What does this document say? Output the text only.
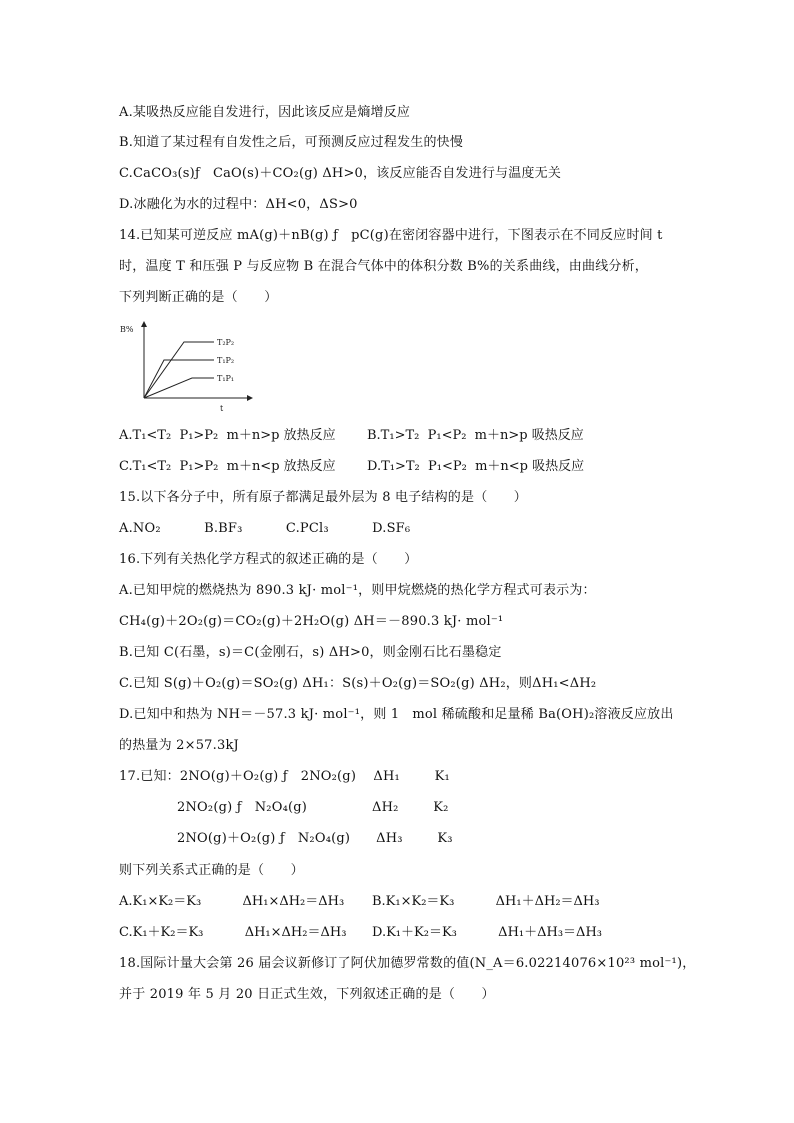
A.某吸热反应能自发进行，因此该反应是熵增反应
B.知道了某过程有自发性之后，可预测反应过程发生的快慢
C.CaCO₃(s)ƒ   CaO(s)＋CO₂(g) ΔH>0，该反应能否自发进行与温度无关
D.冰融化为水的过程中：ΔH<0，ΔS>0
14.已知某可逆反应 mA(g)＋nB(g) ƒ   pC(g)在密闭容器中进行，下图表示在不同反应时间 t
时，温度 T 和压强 P 与反应物 B 在混合气体中的体积分数 B%的关系曲线，由曲线分析，
下列判断正确的是（　　）
B%
t
T₂P₂
T₁P₂
T₁P₁
A.T₁<T₂  P₁>P₂  m＋n>p 放热反应 B.T₁>T₂  P₁<P₂  m＋n>p 吸热反应
C.T₁<T₂  P₁>P₂  m＋n<p 放热反应 D.T₁>T₂  P₁<P₂  m＋n<p 吸热反应
15.以下各分子中，所有原子都满足最外层为 8 电子结构的是（　　）
A.NO₂          B.BF₃          C.PCl₃          D.SF₆
16.下列有关热化学方程式的叙述正确的是（　　）
A.已知甲烷的燃烧热为 890.3 kJ· mol⁻¹，则甲烷燃烧的热化学方程式可表示为：
CH₄(g)＋2O₂(g)＝CO₂(g)＋2H₂O(g) ΔH＝－890.3 kJ· mol⁻¹
B.已知 C(石墨，s)＝C(金刚石，s) ΔH>0，则金刚石比石墨稳定
C.已知 S(g)＋O₂(g)＝SO₂(g) ΔH₁：S(s)＋O₂(g)＝SO₂(g) ΔH₂，则ΔH₁<ΔH₂
D.已知中和热为 NH＝－57.3 kJ· mol⁻¹，则 1   mol 稀硫酸和足量稀 Ba(OH)₂溶液反应放出
的热量为 2×57.3kJ
17.已知：2NO(g)＋O₂(g) ƒ   2NO₂(g)    ΔH₁        K₁
2NO₂(g) ƒ   N₂O₄(g)               ΔH₂        K₂
2NO(g)＋O₂(g) ƒ   N₂O₄(g)      ΔH₃        K₃
则下列关系式正确的是（　　）
A.K₁×K₂＝K₃          ΔH₁×ΔH₂＝ΔH₃ B.K₁×K₂＝K₃          ΔH₁＋ΔH₂＝ΔH₃
C.K₁＋K₂＝K₃          ΔH₁×ΔH₂＝ΔH₃ D.K₁＋K₂＝K₃          ΔH₁＋ΔH₃＝ΔH₃
18.国际计量大会第 26 届会议新修订了阿伏加德罗常数的值(N_A＝6.02214076×10²³ mol⁻¹)，
并于 2019 年 5 月 20 日正式生效，下列叙述正确的是（　　）
